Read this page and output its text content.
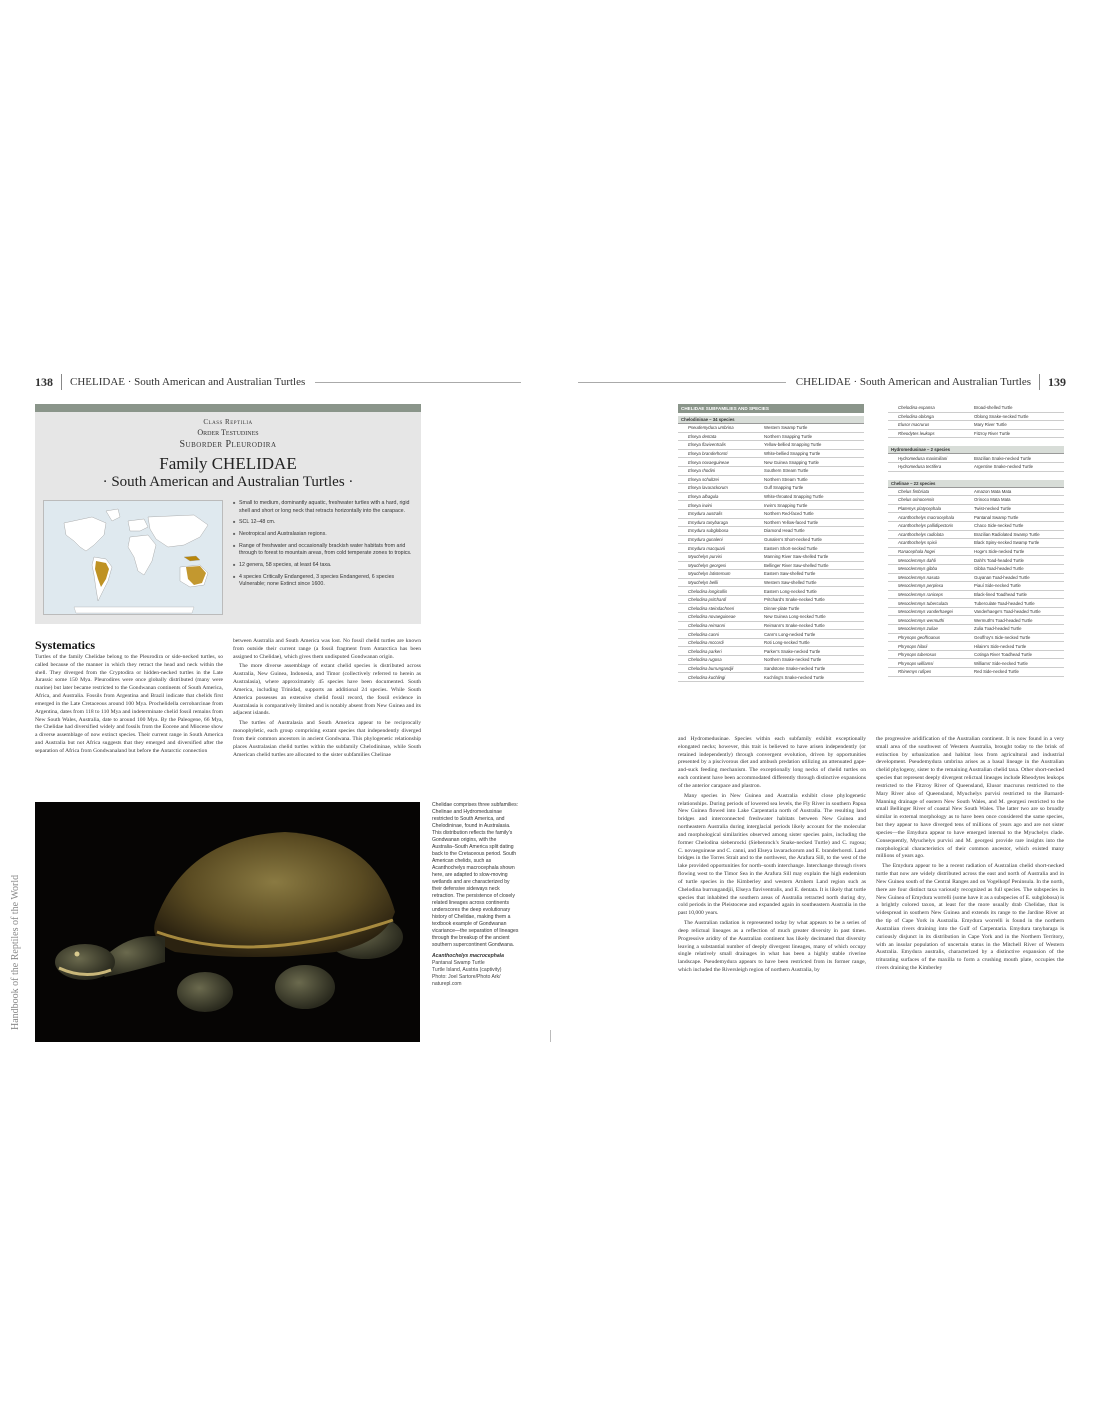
138 CHELIDAE · South American and Australian Turtles
Class Reptilia
Order Testudines
Suborder Pleurodira
Family CHELIDAE
· South American and Australian Turtles ·
■ Small to medium, dominantly aquatic, freshwater turtles with a hard, rigid shell and short or long neck that retracts horizontally into the carapace.
■ SCL 12–48 cm.
■ Neotropical and Australasian regions.
■ Range of freshwater and occasionally brackish water habitats from arid through to forest to mountain areas, from cold temperate zones to tropics.
■ 12 genera, 58 species, at least 64 taxa.
■ 4 species Critically Endangered, 3 species Endangered, 6 species Vulnerable; none Extinct since 1600.
Systematics

Turtles of the family Chelidae belong to the Pleurodira or side-necked turtles, so called because of the manner in which they retract the head and neck within the shell. They diverged from the Cryptodira or hidden-necked turtles in the Late Jurassic some 150 Mya. Pleurodires were once globally distributed (many were marine) but later became restricted to the Gondwanan continents of South America, Africa, and Australia. Fossils from Argentina and Brazil indicate that chelids first emerged in the Late Cretaceous around 100 Mya. Prochelidella cerrobarcinae from Argentina, dates from 118 to 110 Mya and indeterminate chelid fossil remains from New South Wales, Australia, date to around 100 Mya. By the Paleogene, 66 Mya, the Chelidae had diversified widely and fossils from the Eocene and Miocene show a diverse assemblage of now extinct species. Their current range in South America and Australia but not Africa suggests that they emerged and diversified after the separation of Africa from Gondwanaland but before the Antarctic connection

between Australia and South America was lost. No fossil chelid turtles are known from outside their current range (a fossil fragment from Antarctica has been assigned to Chelidae), which gives them undisputed Gondwanan origin.

The more diverse assemblage of extant chelid species is distributed across Australia, New Guinea, Indonesia, and Timor (collectively referred to herein as Australasia), where approximately 45 species have been documented. South America, including Trinidad, supports an additional 24 species. While South America possesses an extensive chelid fossil record, the fossil evidence in Australasia is comparatively limited and is notably absent from New Guinea and its adjacent islands.

The turtles of Australasia and South America appear to be reciprocally monophyletic, each group comprising extant species that independently diverged from their common ancestors in ancient Gondwana. This phylogenetic relationship places Australasian chelid turtles within the subfamily Chelodininae, while South American chelid turtles are allocated to the sister subfamilies Chelinae

Chelidae comprises three subfamilies: Chelinae and Hydromedusinae restricted to South America, and Chelodininae, found in Australasia. This distribution reflects the family's Gondwanan origins, with the Australia–South America split dating back to the Cretaceous period. South American chelids, such as Acanthochelys macrocephala shown here, are adapted to slow-moving wetlands and are characterized by their defensive sideways neck retraction. The persistence of closely related lineages across continents underscores the deep evolutionary history of Chelidae, making them a textbook example of Gondwanan vicariance—the separation of lineages through the breakup of the ancient southern supercontinent Gondwana.
Acanthochelys macrocephala
Pantanal Swamp Turtle
Turtle Island, Austria (captivity)
Photo: Joel Sartore/Photo Ark/ naturepl.com
Handbook of the Reptiles of the World
CHELIDAE · South American and Australian Turtles 139
CHELIDAE SUBFAMILIES AND SPECIES
Chelodininae – 34 species
Pseudemydura umbrina	Western Swamp Turtle
Elseya dentata	Northern Snapping Turtle
Elseya flaviventralis	Yellow-bellied Snapping Turtle
Elseya branderhorsti	White-bellied Snapping Turtle
Elseya novaeguineae	New Guinea Snapping Turtle
Elseya rhodini	Southern Stream Turtle
Elseya schultzei	Northern Stream Turtle
Elseya lavarackorum	Gulf Snapping Turtle
Elseya albagula	White-throated Snapping Turtle
Elseya irwini	Irwin's Snapping Turtle
Emydura australis	Northern Red-faced Turtle
Emydura tanybaraga	Northern Yellow-faced Turtle
Emydura subglobosa	Diamond Head Turtle
Emydura gunaleni	Gunalen's Short-necked Turtle
Emydura macquarii	Eastern Short-necked Turtle
Myuchelys purvisi	Manning River Saw-shelled Turtle
Myuchelys georgesi	Bellinger River Saw-shelled Turtle
Myuchelys latisternum	Eastern Saw-shelled Turtle
Myuchelys bellii	Western Saw-shelled Turtle
Chelodina longicollis	Eastern Long-necked Turtle
Chelodina pritchardi	Pritchard's Snake-necked Turtle
Chelodina steindachneri	Dinner-plate Turtle
Chelodina novaeguineae	New Guinea Long-necked Turtle
Chelodina reimanni	Reimann's Snake-necked Turtle
Chelodina canni	Cann's Long-necked Turtle
Chelodina mccordi	Roti Long-necked Turtle
Chelodina parkeri	Parker's Snake-necked Turtle
Chelodina rugosa	Northern Snake-necked Turtle
Chelodina burrungandjii	Sandstone Snake-necked Turtle
Chelodina kuchlingi	Kuchling's Snake-necked Turtle
Chelodina expansa	Broad-shelled Turtle
Chelodina oblonga	Oblong Snake-necked Turtle
Elusor macrurus	Mary River Turtle
Rheodytes leukops	Fitzroy River Turtle
Hydromedusinae – 2 species
Hydromedusa maximiliani	Brazilian Snake-necked Turtle
Hydromedusa tectifera	Argentine Snake-necked Turtle
Chelinae – 22 species
Chelus fimbriata	Amazon Mata Mata
Chelus orinocensis	Orinoco Mata Mata
Platemys platycephala	Twist-necked Turtle
Acanthochelys macrocephala	Pantanal Swamp Turtle
Acanthochelys pallidipectoris	Chaco Side-necked Turtle
Acanthochelys radiolata	Brazilian Radiolated Swamp Turtle
Acanthochelys spixii	Black Spiny-necked Swamp Turtle
Ranacephala hogei	Hoge's Side-necked Turtle
Mesoclemmys dahli	Dahl's Toad-headed Turtle
Mesoclemmys gibba	Gibba Toad-headed Turtle
Mesoclemmys nasuta	Guyanan Toad-headed Turtle
Mesoclemmys perplexa	Piauí Side-necked Turtle
Mesoclemmys raniceps	Black-lined Toadhead Turtle
Mesoclemmys tuberculata	Tuberculate Toad-headed Turtle
Mesoclemmys vanderhaegei	Vanderhaege's Toad-headed Turtle
Mesoclemmys wermuthi	Wermuth's Toad-headed Turtle
Mesoclemmys zuliae	Zulia Toad-headed Turtle
Phrynops geoffroanus	Geoffroy's Side-necked Turtle
Phrynops hilarii	Hilaire's Side-necked Turtle
Phrynops tuberosus	Cotinga River Toadhead Turtle
Phrynops williamsi	Williams' Side-necked Turtle
Rhinemys rufipes	Red Side-necked Turtle

and Hydromedusinae. Species within each subfamily exhibit exceptionally elongated necks; however, this trait is believed to have arisen independently (or retained independently) through convergent evolution, driven by opportunities presented by a piscivorous diet and ambush predation utilizing an attenuated gape-and-suck feeding mechanism. The exceptionally long necks of chelid turtles on each continent have been accommodated differently through distinctive expansions of the anterior carapace and plastron.

Many species in New Guinea and Australia exhibit close phylogenetic relationships. During periods of lowered sea levels, the Fly River in southern Papua New Guinea flowed into Lake Carpentaria north of Australia. The resulting land bridges and interconnected freshwater habitats between New Guinea and northeastern Australia during interglacial periods likely account for the molecular and morphological similarities observed among sister species pairs, including the former Chelodina siebenrocki (Siebenrock's Snake-necked Turtle) and C. rugosa; C. novaeguineae and C. canni, and Elseya lavarackorum and E. branderhorsti. Land bridges in the Torres Strait and to the northwest, the Arafura Sill, to the west of the lake provided opportunities for north–south interchange. Interchange through rivers flowing west to the Timor Sea in the Arafura Sill may explain the high endemism of turtle species in the Kimberley and western Arnhem Land region such as Chelodina burrungandjii, Elseya flaviventralis, and E. dentata. It is likely that turtle species that inhabited the southern areas of Australia retracted north during dry, cold periods in the Pleistocene and expanded again in southeastern Australia in the past 10,000 years.

The Australian radiation is represented today by what appears to be a series of deep relictual lineages as a reflection of much greater diversity in past times. Progressive aridity of the Australian continent has likely decimated that diversity leaving a substantial number of deeply divergent lineages, many of which occupy single relatively small drainages in what has been a highly stable riverine landscape. Pseudemydura appears to have been restricted from its former range, which included the Riversleigh region of northern Australia, by

the progressive aridification of the Australian continent. It is now found in a very small area of the southwest of Western Australia, brought today to the brink of extinction by urbanization and habitat loss from agricultural and industrial development. Pseudemydura umbrina arises as a basal lineage in the Australian chelid phylogeny, sister to the remaining Australian chelid taxa. Other short-necked species that represent deeply divergent relictual lineages include Rheodytes leukops restricted to the Fitzroy River of Queensland, Elusor macrurus restricted to the Mary River also of Queensland, Myuchelys purvisi restricted to the Barnard-Manning drainage of eastern New South Wales, and M. georgesi restricted to the small Bellinger River of coastal New South Wales. The latter two are so broadly similar in external morphology as to have been once considered the same species, but they appear to have diverged tens of millions of years ago and are not sister species—the Emydura appear to have emerged internal to the Myuchelys clade. Consequently, Myuchelys purvisi and M. georgesi provide rare insights into the morphological characteristics of their common ancestor, which existed many millions of years ago.

The Emydura appear to be a recent radiation of Australian chelid short-necked turtle that now are widely distributed across the east and north of Australia and in New Guinea south of the Central Ranges and on Vogelkopf Peninsula. In the north, there are four distinct taxa variously recognized as full species. The subspecies in New Guinea of Emydura worrelli (some have it as a subspecies of E. subglobosa) is a brightly colored taxon, at least for the more usually drab Chelidae, that is widespread in southern New Guinea and extends its range to the Jardine River at the tip of Cape York in Australia. Emydura worrelli is found in the northern Australian rivers draining into the Gulf of Carpentaria. Emydura tanybaraga is curiously disjunct in its distribution in Cape York and in the Northern Territory, with an insular population of uncertain status in the Mitchell River of Western Australia. Emydura australis, characterized by a distinctive expansion of the triturating surfaces of the maxilla to form a crushing mouth plate, occupies the rivers draining the Kimberley
